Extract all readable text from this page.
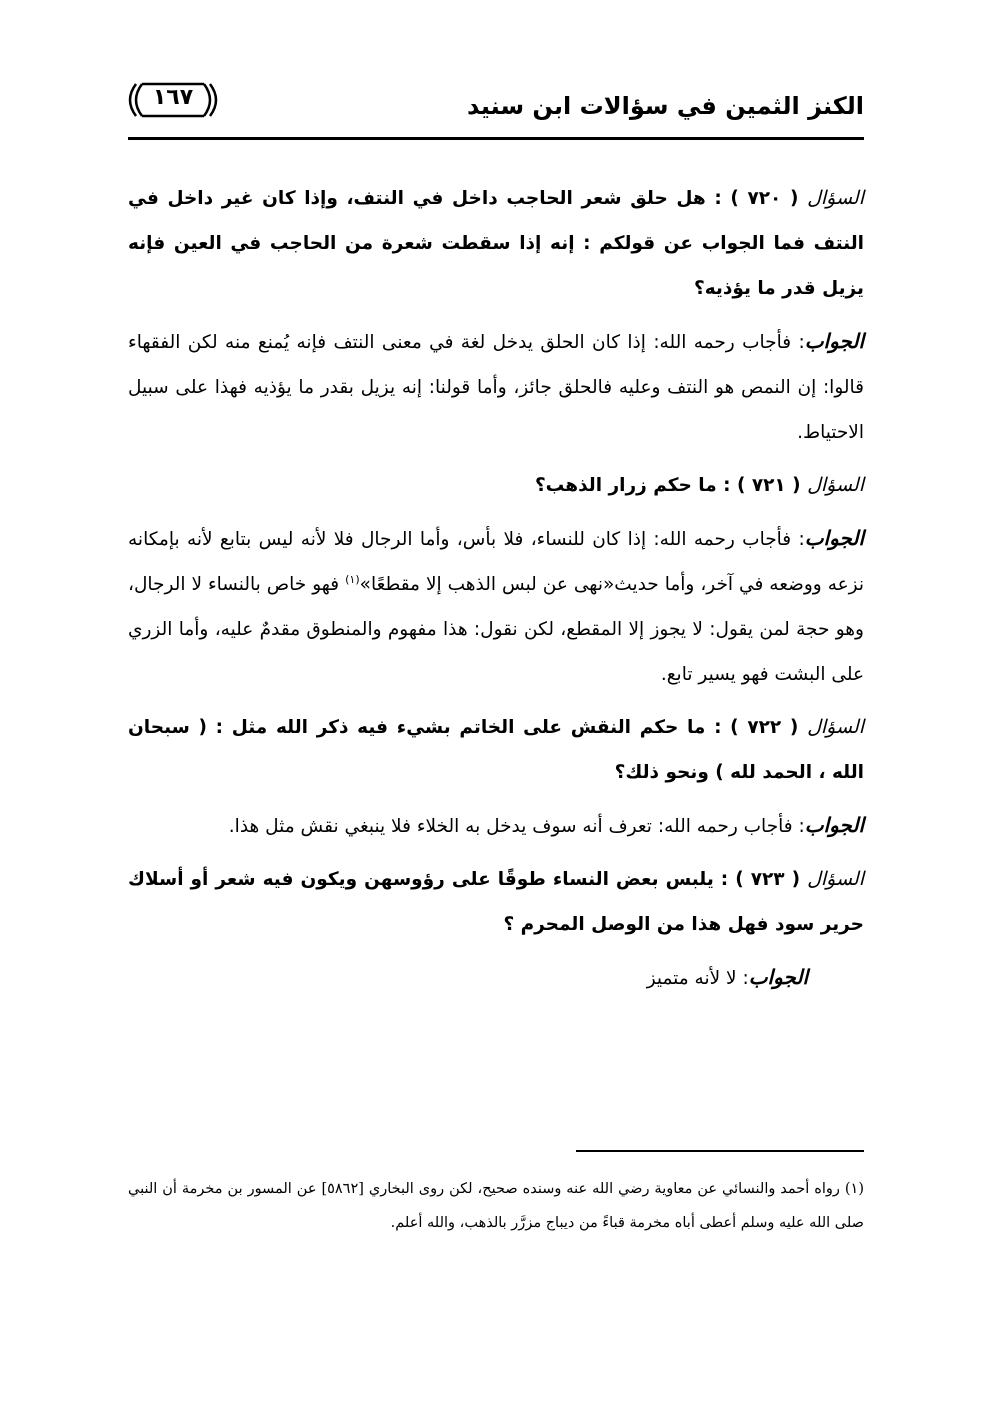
الكنز الثمين في سؤالات ابن سنيد
١٦٧

السؤال ( ٧٢٠ ) : هل حلق شعر الحاجب داخل في النتف، وإذا كان غير داخل في النتف فما الجواب عن قولكم : إنه إذا سقطت شعرة من الحاجب في العين فإنه يزيل قدر ما يؤذيه؟

الجواب: فأجاب رحمه الله: إذا كان الحلق يدخل لغة في معنى النتف فإنه يُمنع منه لكن الفقهاء قالوا: إن النمص هو النتف وعليه فالحلق جائز، وأما قولنا: إنه يزيل بقدر ما يؤذيه فهذا على سبيل الاحتياط.

السؤال ( ٧٢١ ) : ما حكم زرار الذهب؟

الجواب: فأجاب رحمه الله: إذا كان للنساء، فلا بأس، وأما الرجال فلا لأنه ليس بتابع لأنه بإمكانه نزعه ووضعه في آخر، وأما حديث«نهى عن لبس الذهب إلا مقطعًا»$^{(١)}$ فهو خاص بالنساء لا الرجال، وهو حجة لمن يقول: لا يجوز إلا المقطع، لكن نقول: هذا مفهوم والمنطوق مقدمٌ عليه، وأما الزري على البشت فهو يسير تابع.

السؤال ( ٧٢٢ ) : ما حكم النقش على الخاتم بشيء فيه ذكر الله مثل : ( سبحان الله ، الحمد لله ) ونحو ذلك؟

الجواب: فأجاب رحمه الله: تعرف أنه سوف يدخل به الخلاء فلا ينبغي نقش مثل هذا.

السؤال ( ٧٢٣ ) : يلبس بعض النساء طوقًا على رؤوسهن ويكون فيه شعر أو أسلاك حرير سود فهل هذا من الوصل المحرم ؟

الجواب: لا لأنه متميز

(١) رواه أحمد والنسائي عن معاوية رضي الله عنه وسنده صحيح، لكن روى البخاري [٥٨٦٢] عن المسور بن مخرمة أن النبي صلى الله عليه وسلم أعطى أباه مخرمة قباءً من ديباج مزرَّر بالذهب، والله أعلم.
